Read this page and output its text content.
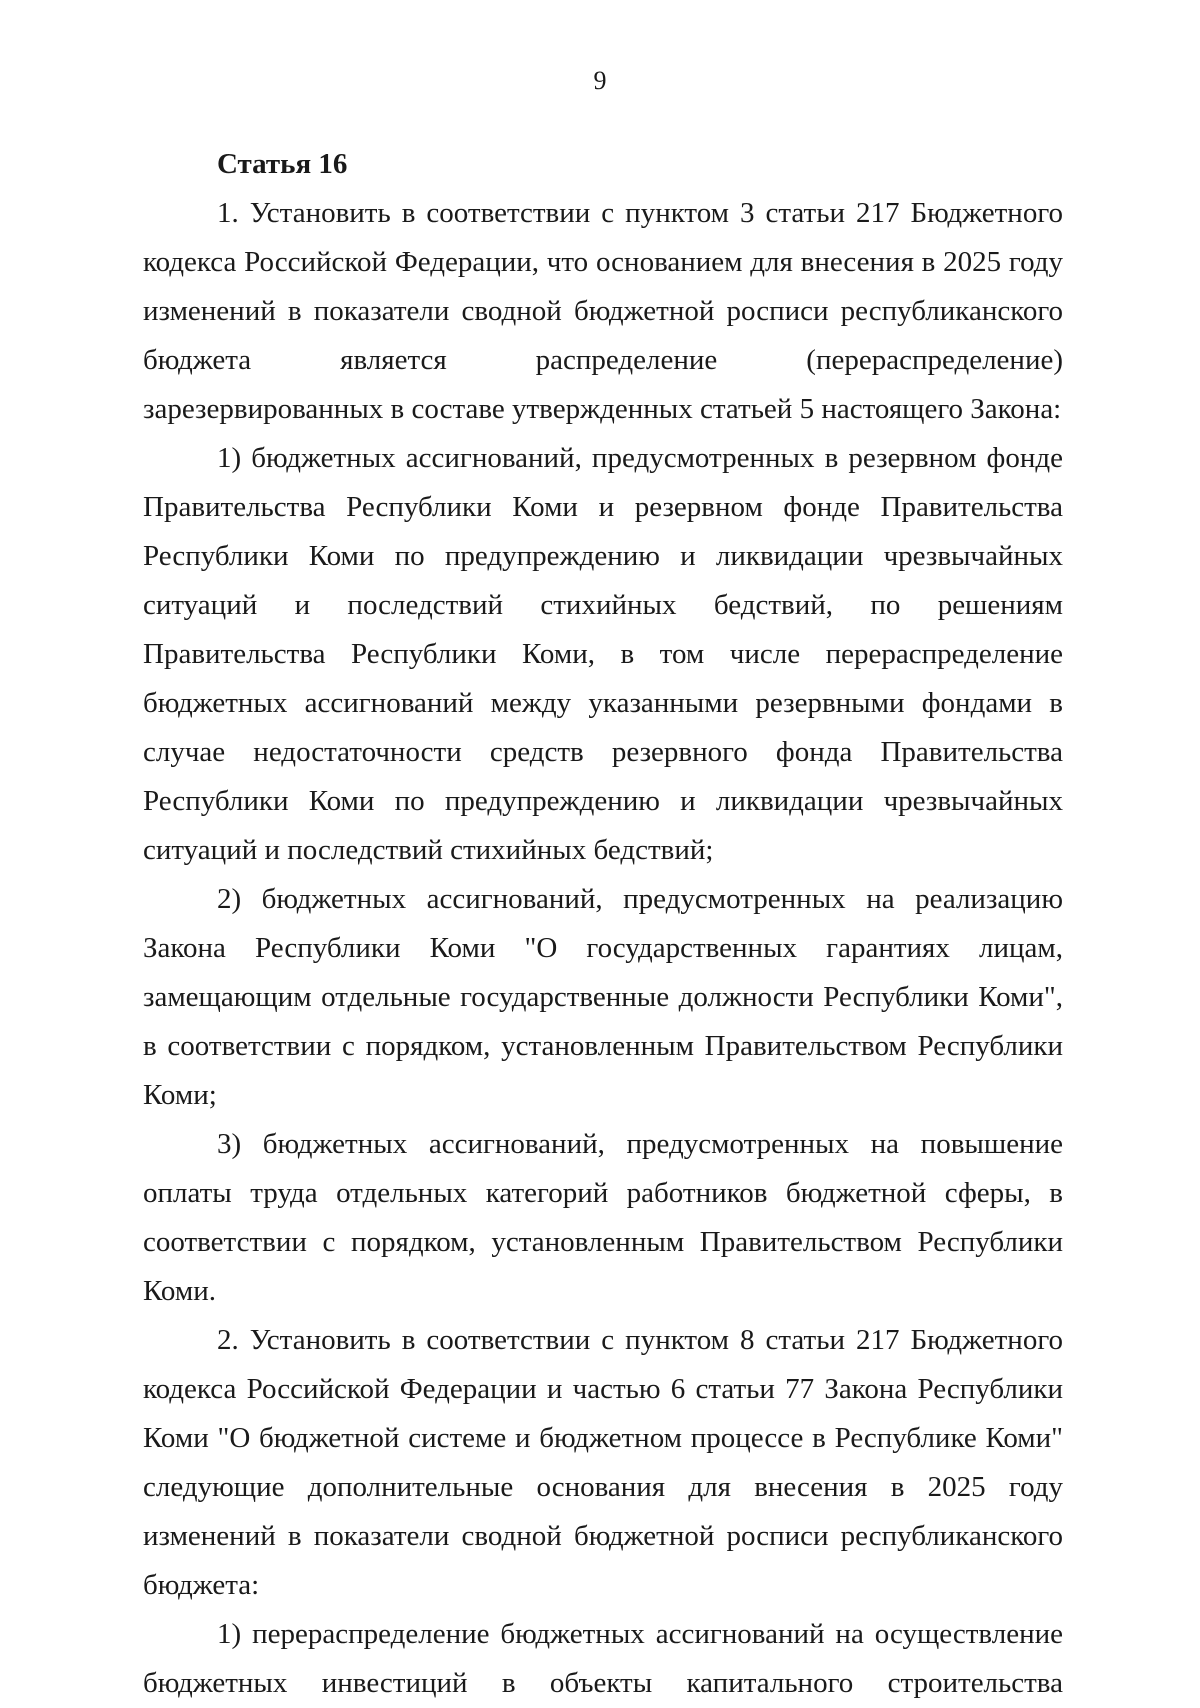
9

Статья 16

1. Установить в соответствии с пунктом 3 статьи 217 Бюджетного кодекса Российской Федерации, что основанием для внесения в 2025 году изменений в показатели сводной бюджетной росписи республиканского бюджета является распределение (перераспределение) зарезервированных в составе утвержденных статьей 5 настоящего Закона:

1) бюджетных ассигнований, предусмотренных в резервном фонде Правительства Республики Коми и резервном фонде Правительства Республики Коми по предупреждению и ликвидации чрезвычайных ситуаций и последствий стихийных бедствий, по решениям Правительства Республики Коми, в том числе перераспределение бюджетных ассигнований между указанными резервными фондами в случае недостаточности средств резервного фонда Правительства Республики Коми по предупреждению и ликвидации чрезвычайных ситуаций и последствий стихийных бедствий;

2) бюджетных ассигнований, предусмотренных на реализацию Закона Республики Коми "О государственных гарантиях лицам, замещающим отдельные государственные должности Республики Коми", в соответствии с порядком, установленным Правительством Республики Коми;

3) бюджетных ассигнований, предусмотренных на повышение оплаты труда отдельных категорий работников бюджетной сферы, в соответствии с порядком, установленным Правительством Республики Коми.

2. Установить в соответствии с пунктом 8 статьи 217 Бюджетного кодекса Российской Федерации и частью 6 статьи 77 Закона Республики Коми "О бюджетной системе и бюджетном процессе в Республике Коми" следующие дополнительные основания для внесения в 2025 году изменений в показатели сводной бюджетной росписи республиканского бюджета:

1) перераспределение бюджетных ассигнований на осуществление бюджетных инвестиций в объекты капитального строительства
